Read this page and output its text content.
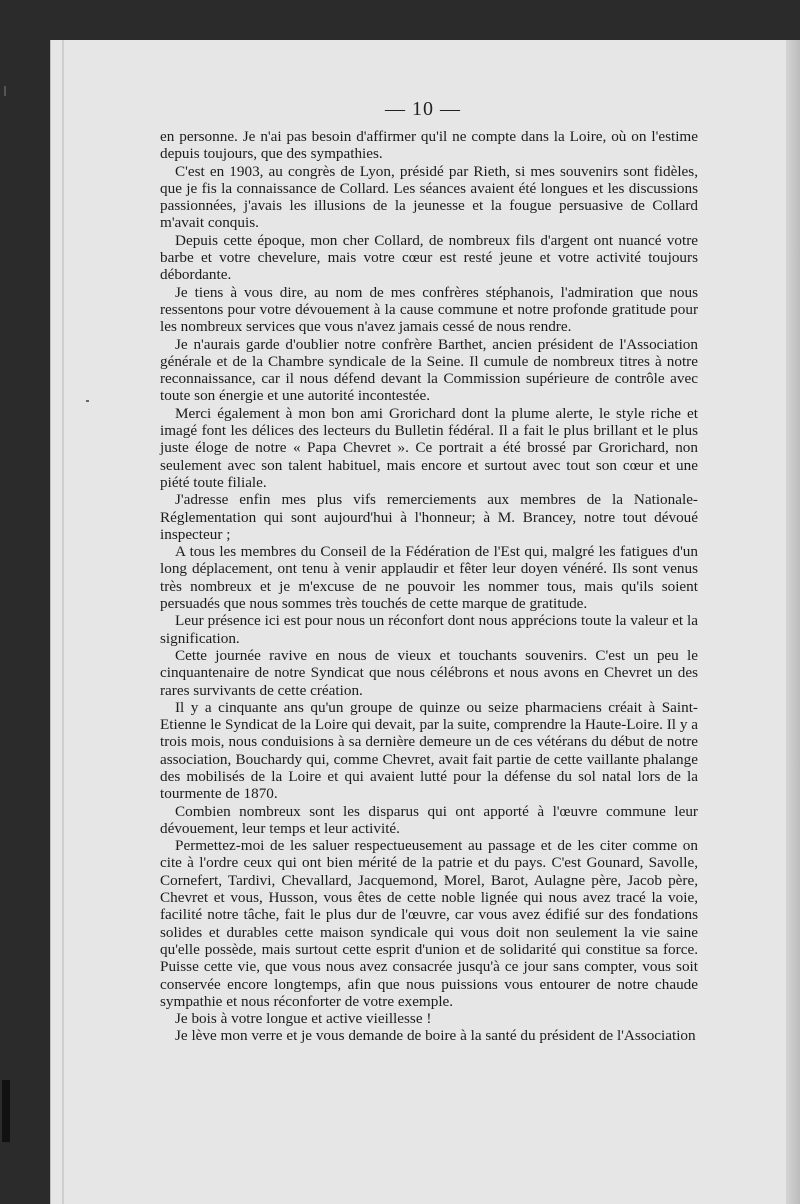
— 10 —

en personne. Je n'ai pas besoin d'affirmer qu'il ne compte dans la Loire, où on l'estime depuis toujours, que des sympathies.

C'est en 1903, au congrès de Lyon, présidé par Rieth, si mes souvenirs sont fidèles, que je fis la connaissance de Collard. Les séances avaient été longues et les discussions passionnées, j'avais les illusions de la jeunesse et la fougue persuasive de Collard m'avait conquis.

Depuis cette époque, mon cher Collard, de nombreux fils d'argent ont nuancé votre barbe et votre chevelure, mais votre cœur est resté jeune et votre activité toujours débordante.

Je tiens à vous dire, au nom de mes confrères stéphanois, l'admiration que nous ressentons pour votre dévouement à la cause commune et notre profonde gratitude pour les nombreux services que vous n'avez jamais cessé de nous rendre.

Je n'aurais garde d'oublier notre confrère Barthet, ancien président de l'Association générale et de la Chambre syndicale de la Seine. Il cumule de nombreux titres à notre reconnaissance, car il nous défend devant la Commission supérieure de contrôle avec toute son énergie et une autorité incontestée.

Merci également à mon bon ami Grorichard dont la plume alerte, le style riche et imagé font les délices des lecteurs du Bulletin fédéral. Il a fait le plus brillant et le plus juste éloge de notre « Papa Chevret ». Ce portrait a été brossé par Grorichard, non seulement avec son talent habituel, mais encore et surtout avec tout son cœur et une piété toute filiale.

J'adresse enfin mes plus vifs remerciements aux membres de la Nationale-Réglementation qui sont aujourd'hui à l'honneur; à M. Brancey, notre tout dévoué inspecteur ;

A tous les membres du Conseil de la Fédération de l'Est qui, malgré les fatigues d'un long déplacement, ont tenu à venir applaudir et fêter leur doyen vénéré. Ils sont venus très nombreux et je m'excuse de ne pouvoir les nommer tous, mais qu'ils soient persuadés que nous sommes très touchés de cette marque de gratitude.

Leur présence ici est pour nous un réconfort dont nous apprécions toute la valeur et la signification.

Cette journée ravive en nous de vieux et touchants souvenirs. C'est un peu le cinquantenaire de notre Syndicat que nous célébrons et nous avons en Chevret un des rares survivants de cette création.

Il y a cinquante ans qu'un groupe de quinze ou seize pharmaciens créait à Saint-Etienne le Syndicat de la Loire qui devait, par la suite, comprendre la Haute-Loire. Il y a trois mois, nous conduisions à sa dernière demeure un de ces vétérans du début de notre association, Bouchardy qui, comme Chevret, avait fait partie de cette vaillante phalange des mobilisés de la Loire et qui avaient lutté pour la défense du sol natal lors de la tourmente de 1870.

Combien nombreux sont les disparus qui ont apporté à l'œuvre commune leur dévouement, leur temps et leur activité.

Permettez-moi de les saluer respectueusement au passage et de les citer comme on cite à l'ordre ceux qui ont bien mérité de la patrie et du pays. C'est Gounard, Savolle, Cornefert, Tardivi, Chevallard, Jacquemond, Morel, Barot, Aulagne père, Jacob père, Chevret et vous, Husson, vous êtes de cette noble lignée qui nous avez tracé la voie, facilité notre tâche, fait le plus dur de l'œuvre, car vous avez édifié sur des fondations solides et durables cette maison syndicale qui vous doit non seulement la vie saine qu'elle possède, mais surtout cette esprit d'union et de solidarité qui constitue sa force. Puisse cette vie, que vous nous avez consacrée jusqu'à ce jour sans compter, vous soit conservée encore longtemps, afin que nous puissions vous entourer de notre chaude sympathie et nous réconforter de votre exemple.

Je bois à votre longue et active vieillesse !

Je lève mon verre et je vous demande de boire à la santé du président de l'Association
